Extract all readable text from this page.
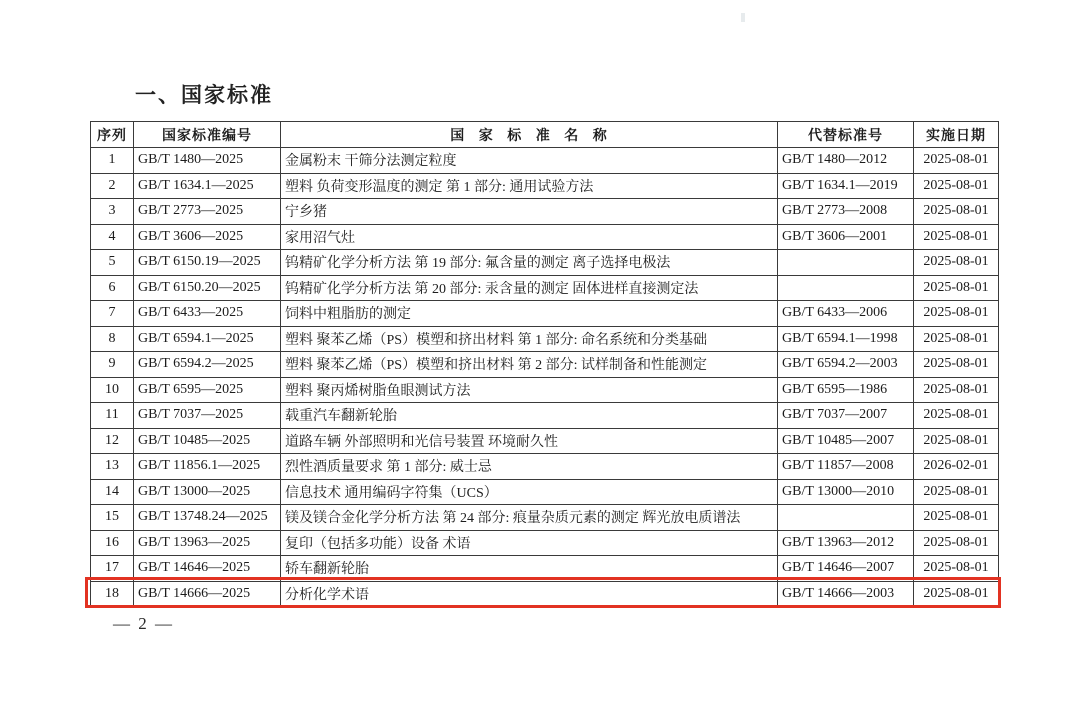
一、国家标准
序列	国家标准编号	国 家 标 准 名 称	代替标准号	实施日期
1	GB/T 1480—2025	金属粉末 干筛分法测定粒度	GB/T 1480—2012	2025-08-01
2	GB/T 1634.1—2025	塑料 负荷变形温度的测定 第 1 部分: 通用试验方法	GB/T 1634.1—2019	2025-08-01
3	GB/T 2773—2025	宁乡猪	GB/T 2773—2008	2025-08-01
4	GB/T 3606—2025	家用沼气灶	GB/T 3606—2001	2025-08-01
5	GB/T 6150.19—2025	钨精矿化学分析方法 第 19 部分: 氟含量的测定 离子选择电极法		2025-08-01
6	GB/T 6150.20—2025	钨精矿化学分析方法 第 20 部分: 汞含量的测定 固体进样直接测定法		2025-08-01
7	GB/T 6433—2025	饲料中粗脂肪的测定	GB/T 6433—2006	2025-08-01
8	GB/T 6594.1—2025	塑料 聚苯乙烯（PS）模塑和挤出材料 第 1 部分: 命名系统和分类基础	GB/T 6594.1—1998	2025-08-01
9	GB/T 6594.2—2025	塑料 聚苯乙烯（PS）模塑和挤出材料 第 2 部分: 试样制备和性能测定	GB/T 6594.2—2003	2025-08-01
10	GB/T 6595—2025	塑料 聚丙烯树脂鱼眼测试方法	GB/T 6595—1986	2025-08-01
11	GB/T 7037—2025	载重汽车翻新轮胎	GB/T 7037—2007	2025-08-01
12	GB/T 10485—2025	道路车辆 外部照明和光信号装置 环境耐久性	GB/T 10485—2007	2025-08-01
13	GB/T 11856.1—2025	烈性酒质量要求 第 1 部分: 威士忌	GB/T 11857—2008	2026-02-01
14	GB/T 13000—2025	信息技术 通用编码字符集（UCS）	GB/T 13000—2010	2025-08-01
15	GB/T 13748.24—2025	镁及镁合金化学分析方法 第 24 部分: 痕量杂质元素的测定 辉光放电质谱法		2025-08-01
16	GB/T 13963—2025	复印（包括多功能）设备 术语	GB/T 13963—2012	2025-08-01
17	GB/T 14646—2025	轿车翻新轮胎	GB/T 14646—2007	2025-08-01
18	GB/T 14666—2025	分析化学术语	GB/T 14666—2003	2025-08-01
— 2 —
